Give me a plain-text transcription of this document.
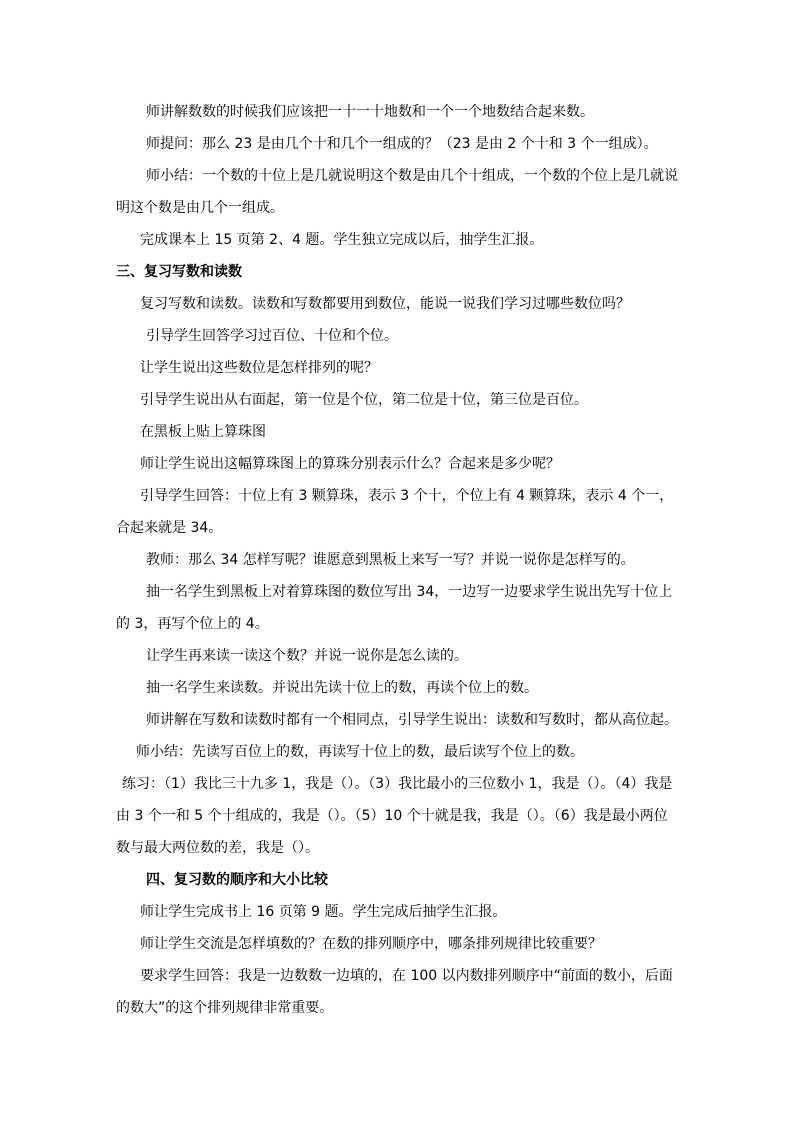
师讲解数数的时候我们应该把一十一十地数和一个一个地数结合起来数。

师提问：那么 23 是由几个十和几个一组成的？（23 是由 2 个十和 3 个一组成）。

师小结：一个数的十位上是几就说明这个数是由几个十组成，一个数的个位上是几就说明这个数是由几个一组成。

完成课本上 15 页第 2、4 题。学生独立完成以后，抽学生汇报。

三、复习写数和读数

复习写数和读数。读数和写数都要用到数位，能说一说我们学习过哪些数位吗？

引导学生回答学习过百位、十位和个位。

让学生说出这些数位是怎样排列的呢？

引导学生说出从右面起，第一位是个位，第二位是十位，第三位是百位。

在黑板上贴上算珠图

师让学生说出这幅算珠图上的算珠分别表示什么？合起来是多少呢？

引导学生回答：十位上有 3 颗算珠，表示 3 个十，个位上有 4 颗算珠，表示 4 个一，合起来就是 34。

教师：那么 34 怎样写呢？谁愿意到黑板上来写一写？并说一说你是怎样写的。

抽一名学生到黑板上对着算珠图的数位写出 34，一边写一边要求学生说出先写十位上的 3，再写个位上的 4。

让学生再来读一读这个数？并说一说你是怎么读的。

抽一名学生来读数。并说出先读十位上的数，再读个位上的数。

师讲解在写数和读数时都有一个相同点，引导学生说出：读数和写数时，都从高位起。

师小结：先读写百位上的数，再读写十位上的数，最后读写个位上的数。

练习：（1）我比三十九多 1，我是（）。（3）我比最小的三位数小 1，我是（）。（4）我是由 3 个一和 5 个十组成的，我是（）。（5）10 个十就是我，我是（）。（6）我是最小两位数与最大两位数的差，我是（）。

四、复习数的顺序和大小比较

师让学生完成书上 16 页第 9 题。学生完成后抽学生汇报。

师让学生交流是怎样填数的？在数的排列顺序中，哪条排列规律比较重要？

要求学生回答：我是一边数数一边填的，在 100 以内数排列顺序中“前面的数小，后面的数大”的这个排列规律非常重要。
